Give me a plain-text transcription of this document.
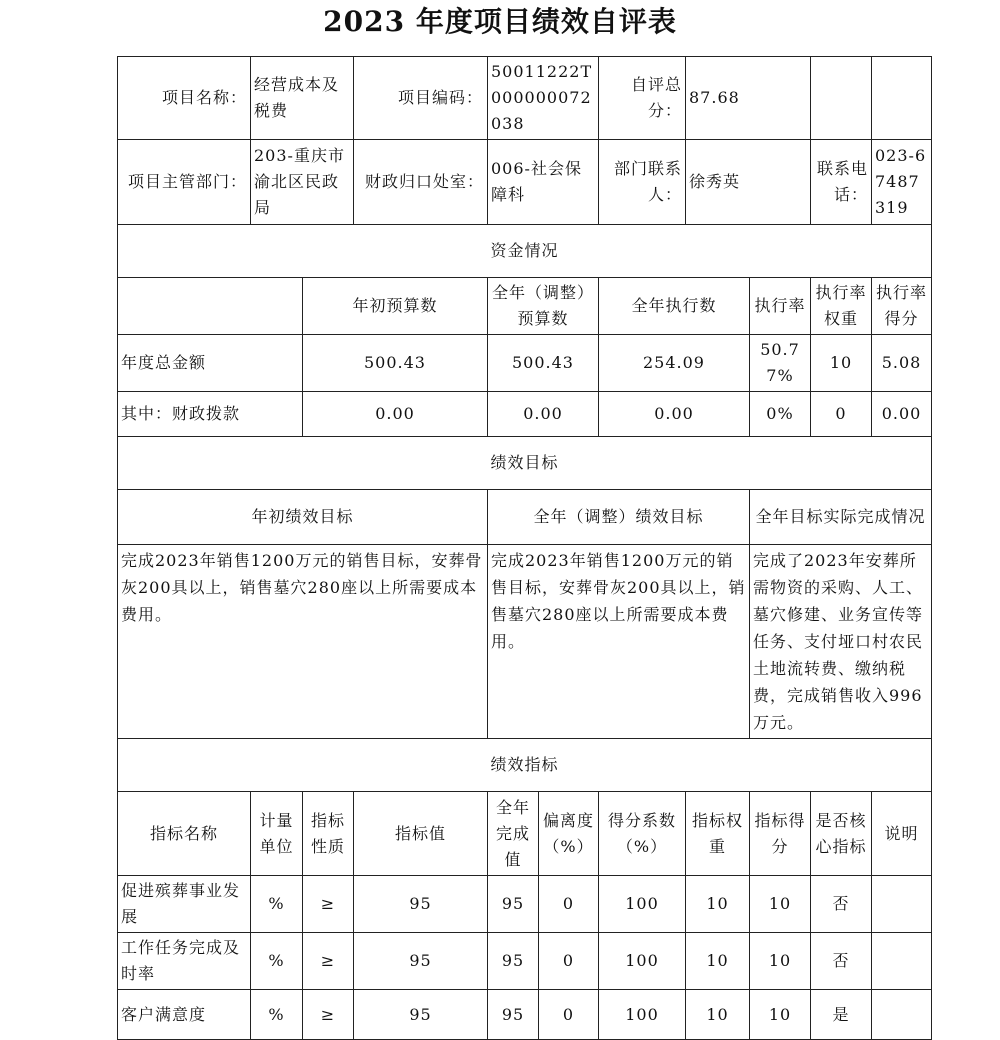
2023 年度项目绩效自评表
项目名称：	经营成本及税费		项目编码：	50011222T000000072038		自评总分：	87.68			
项目主管部门：	203-重庆市渝北区民政局		财政归口处室：	006-社会保障科		部门联系人：	徐秀英		联系电话：	023-67487319
资金情况										
		年初预算数		全年（调整）预算数		全年执行数		执行率	执行率权重	执行率得分
年度总金额		500.43		500.43		254.09		50.77%	10	5.08
其中：财政拨款		0.00		0.00		0.00		0%	0	0.00
绩效目标										
年初绩效目标				全年（调整）绩效目标				全年目标实际完成情况		
完成2023年销售1200万元的销售目标，安葬骨灰200具以上，销售墓穴280座以上所需要成本费用。				完成2023年销售1200万元的销售目标，安葬骨灰200具以上，销售墓穴280座以上所需要成本费用。				完成了2023年安葬所需物资的采购、人工、墓穴修建、业务宣传等任务、支付垭口村农民土地流转费、缴纳税费，完成销售收入996万元。		
绩效指标										
指标名称	计量单位	指标性质	指标值	全年完成值	偏离度（%）	得分系数（%）	指标权重	指标得分	是否核心指标	说明
促进殡葬事业发展	%	≥	95	95	0	100	10	10	否	
工作任务完成及时率	%	≥	95	95	0	100	10	10	否	
客户满意度	%	≥	95	95	0	100	10	10	是	
